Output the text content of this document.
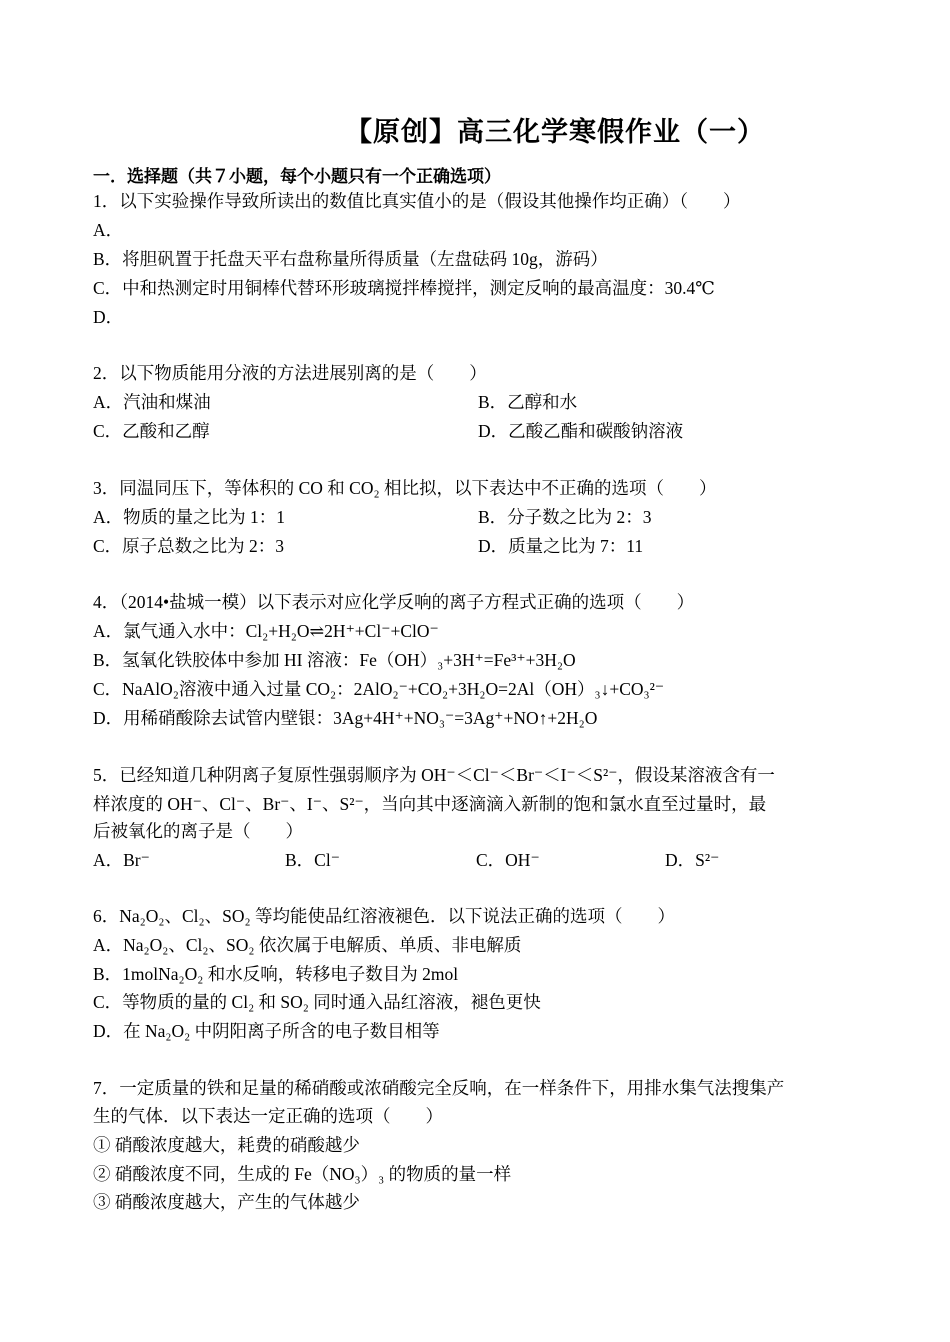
【原创】高三化学寒假作业（一）
一．选择题（共７小题，每个小题只有一个正确选项）
1．以下实验操作导致所读出的数值比真实值小的是（假设其他操作均正确）（　　）
A．
B．将胆矾置于托盘天平右盘称量所得质量（左盘砝码 10g，游码）
C．中和热测定时用铜棒代替环形玻璃搅拌棒搅拌，测定反响的最高温度：30.4℃
D．
2．以下物质能用分液的方法进展别离的是（　　）
A．汽油和煤油	B．乙醇和水
C．乙酸和乙醇	D．乙酸乙酯和碳酸钠溶液
3．同温同压下，等体积的 CO 和 CO₂ 相比拟，以下表达中不正确的选项（　　）
A．物质的量之比为 1：1	B．分子数之比为 2：3
C．原子总数之比为 2：3	D．质量之比为 7：11
4．（2014•盐城一模）以下表示对应化学反响的离子方程式正确的选项（　　）
A．氯气通入水中：Cl₂+H₂O⇌2H⁺+Cl⁻+ClO⁻
B．氢氧化铁胶体中参加 HI 溶液：Fe（OH）₃+3H⁺=Fe³⁺+3H₂O
C．NaAlO₂溶液中通入过量 CO₂：2AlO₂⁻+CO₂+3H₂O=2Al（OH）₃↓+CO₃²⁻
D．用稀硝酸除去试管内壁银：3Ag+4H⁺+NO₃⁻=3Ag⁺+NO↑+2H₂O
5．已经知道几种阴离子复原性强弱顺序为 OH⁻＜Cl⁻＜Br⁻＜I⁻＜S²⁻，假设某溶液含有一
样浓度的 OH⁻、Cl⁻、Br⁻、I⁻、S²⁻，当向其中逐滴滴入新制的饱和氯水直至过量时，最
后被氧化的离子是（　　）
A．Br⁻	B．Cl⁻	C．OH⁻	D．S²⁻
6．Na₂O₂、Cl₂、SO₂ 等均能使品红溶液褪色．以下说法正确的选项（　　）
A．Na₂O₂、Cl₂、SO₂ 依次属于电解质、单质、非电解质
B．1molNa₂O₂ 和水反响，转移电子数目为 2mol
C．等物质的量的 Cl₂ 和 SO₂ 同时通入品红溶液，褪色更快
D．在 Na₂O₂ 中阴阳离子所含的电子数目相等
7．一定质量的铁和足量的稀硝酸或浓硝酸完全反响，在一样条件下，用排水集气法搜集产
生的气体．以下表达一定正确的选项（　　）
① 硝酸浓度越大，耗费的硝酸越少
② 硝酸浓度不同，生成的 Fe（NO₃）₃ 的物质的量一样
③ 硝酸浓度越大，产生的气体越少
